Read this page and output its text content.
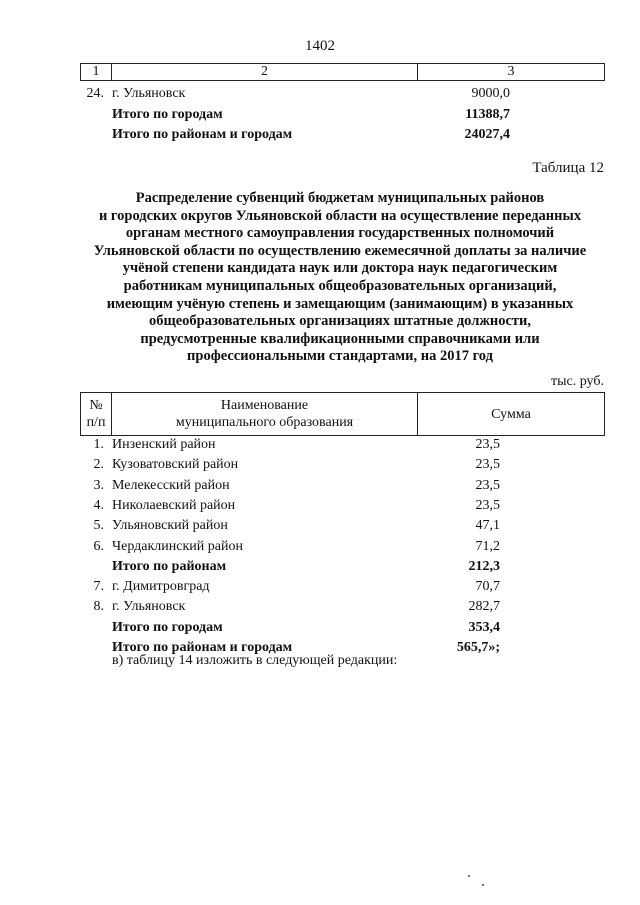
1402
1	2	3
24. г. Ульяновск	9000,0
Итого по городам	11388,7
Итого по районам и городам	24027,4
Таблица 12
Распределение субвенций бюджетам муниципальных районов
и городских округов Ульяновской области на осуществление переданных
органам местного самоуправления государственных полномочий
Ульяновской области по осуществлению ежемесячной доплаты за наличие
учёной степени кандидата наук или доктора наук педагогическим
работникам муниципальных общеобразовательных организаций,
имеющим учёную степень и замещающим (занимающим) в указанных
общеобразовательных организациях штатные должности,
предусмотренные квалификационными справочниками или
профессиональными стандартами, на 2017 год
тыс. руб.
№
п/п

Наименование
муниципального образования
	Сумма
1. Инзенский район	23,5
2. Кузоватовский район	23,5
3. Мелекесский район	23,5
4. Николаевский район	23,5
5. Ульяновский район	47,1
6. Чердаклинский район	71,2
Итого по районам	212,3
7. г. Димитровград	70,7
8. г. Ульяновск	282,7
Итого по городам	353,4
Итого по районам и городам	565,7»;
в) таблицу 14 изложить в следующей редакции:
